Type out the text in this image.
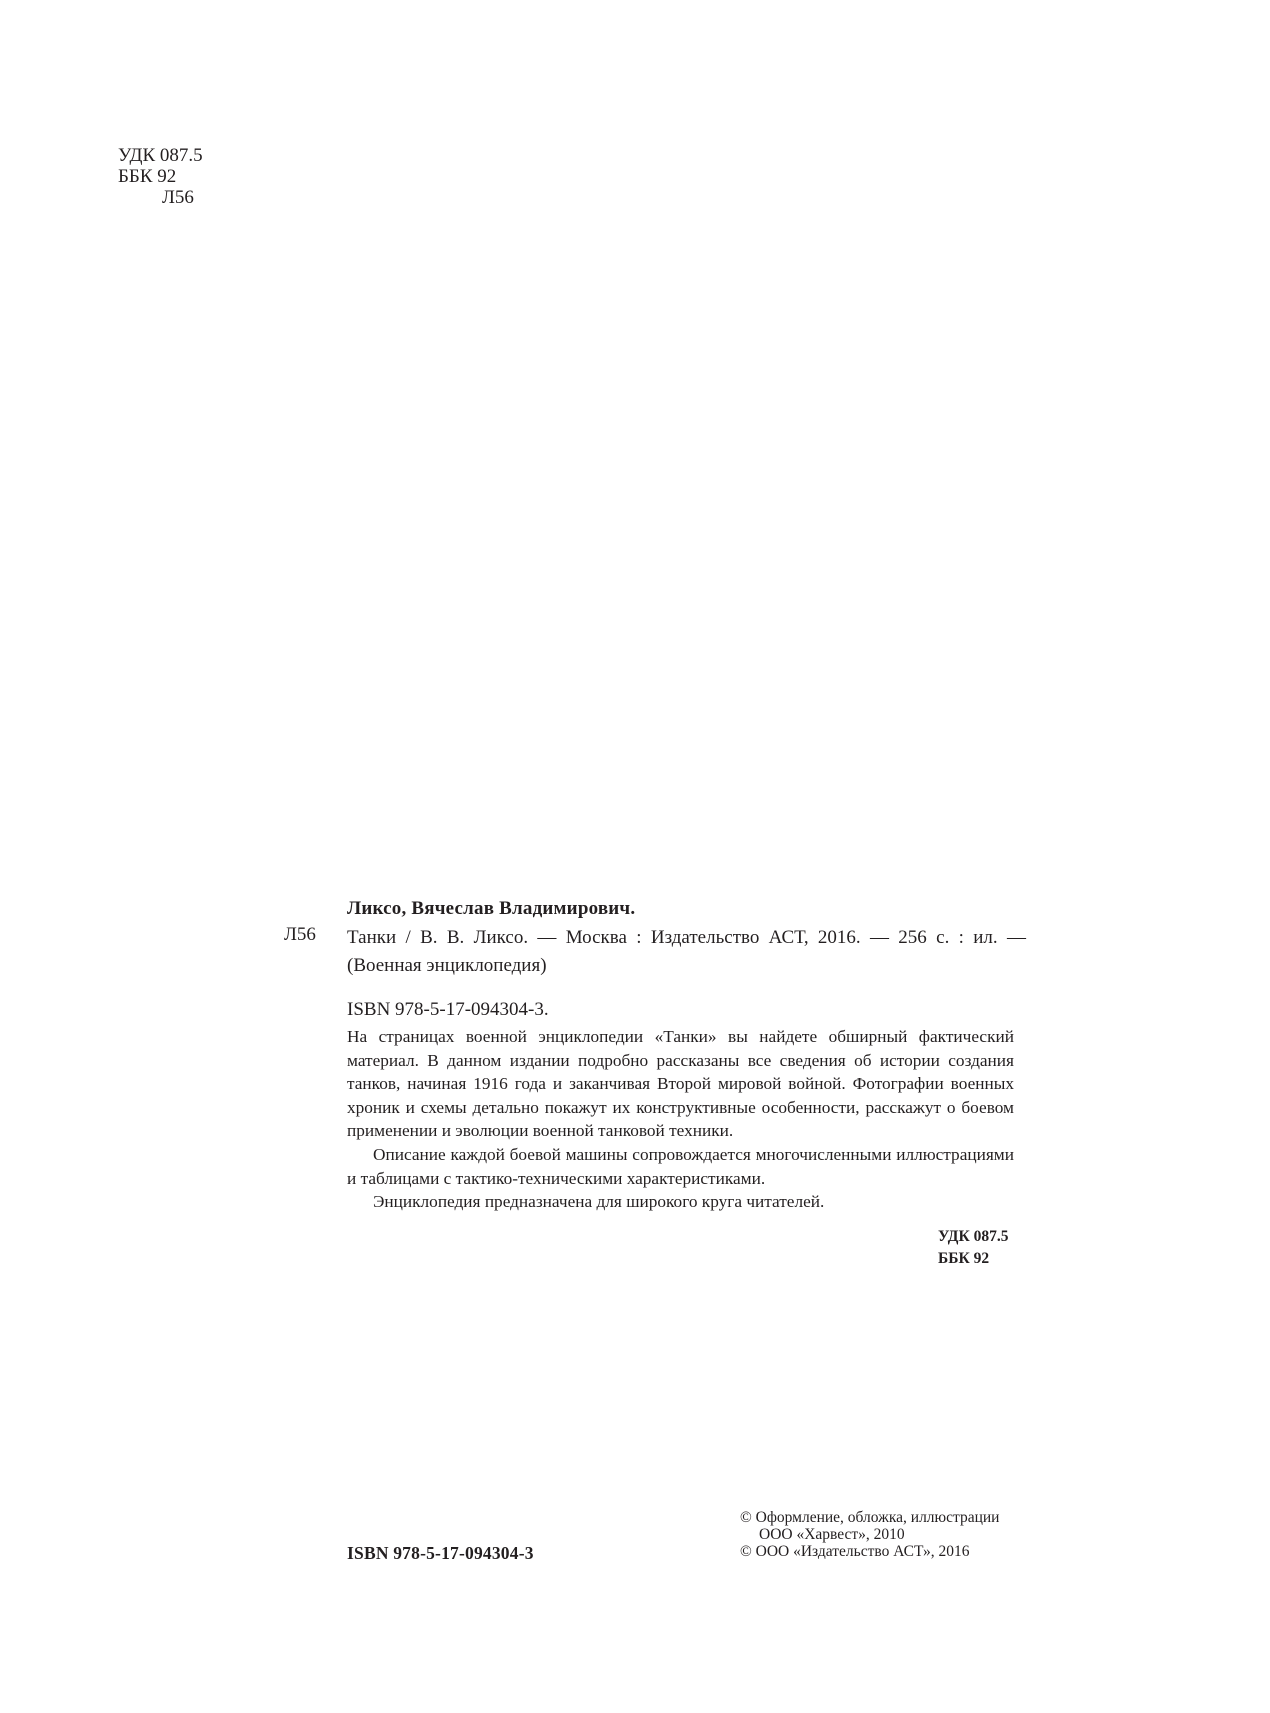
УДК 087.5
ББК 92
Л56
Ликсо, Вячеслав Владимирович.
Л56 Танки / В. В. Ликсо. — Москва : Издательство АСТ, 2016. — 256 с. : ил. — (Военная энциклопедия)
ISBN 978-5-17-094304-3.

На страницах военной энциклопедии «Танки» вы найдете обширный фактический материал. В данном издании подробно рассказаны все сведения об истории создания танков, начиная 1916 года и заканчивая Второй мировой войной. Фотографии военных хроник и схемы детально покажут их конструктивные особенности, расскажут о боевом применении и эволюции военной танковой техники.

Описание каждой боевой машины сопровождается многочисленными иллюстрациями и таблицами с тактико-техническими характеристиками.

Энциклопедия предназначена для широкого круга читателей.

УДК 087.5
ББК 92
ISBN 978-5-17-094304-3
© Оформление, обложка, иллюстрации
ООО «Харвест», 2010
© ООО «Издательство АСТ», 2016
